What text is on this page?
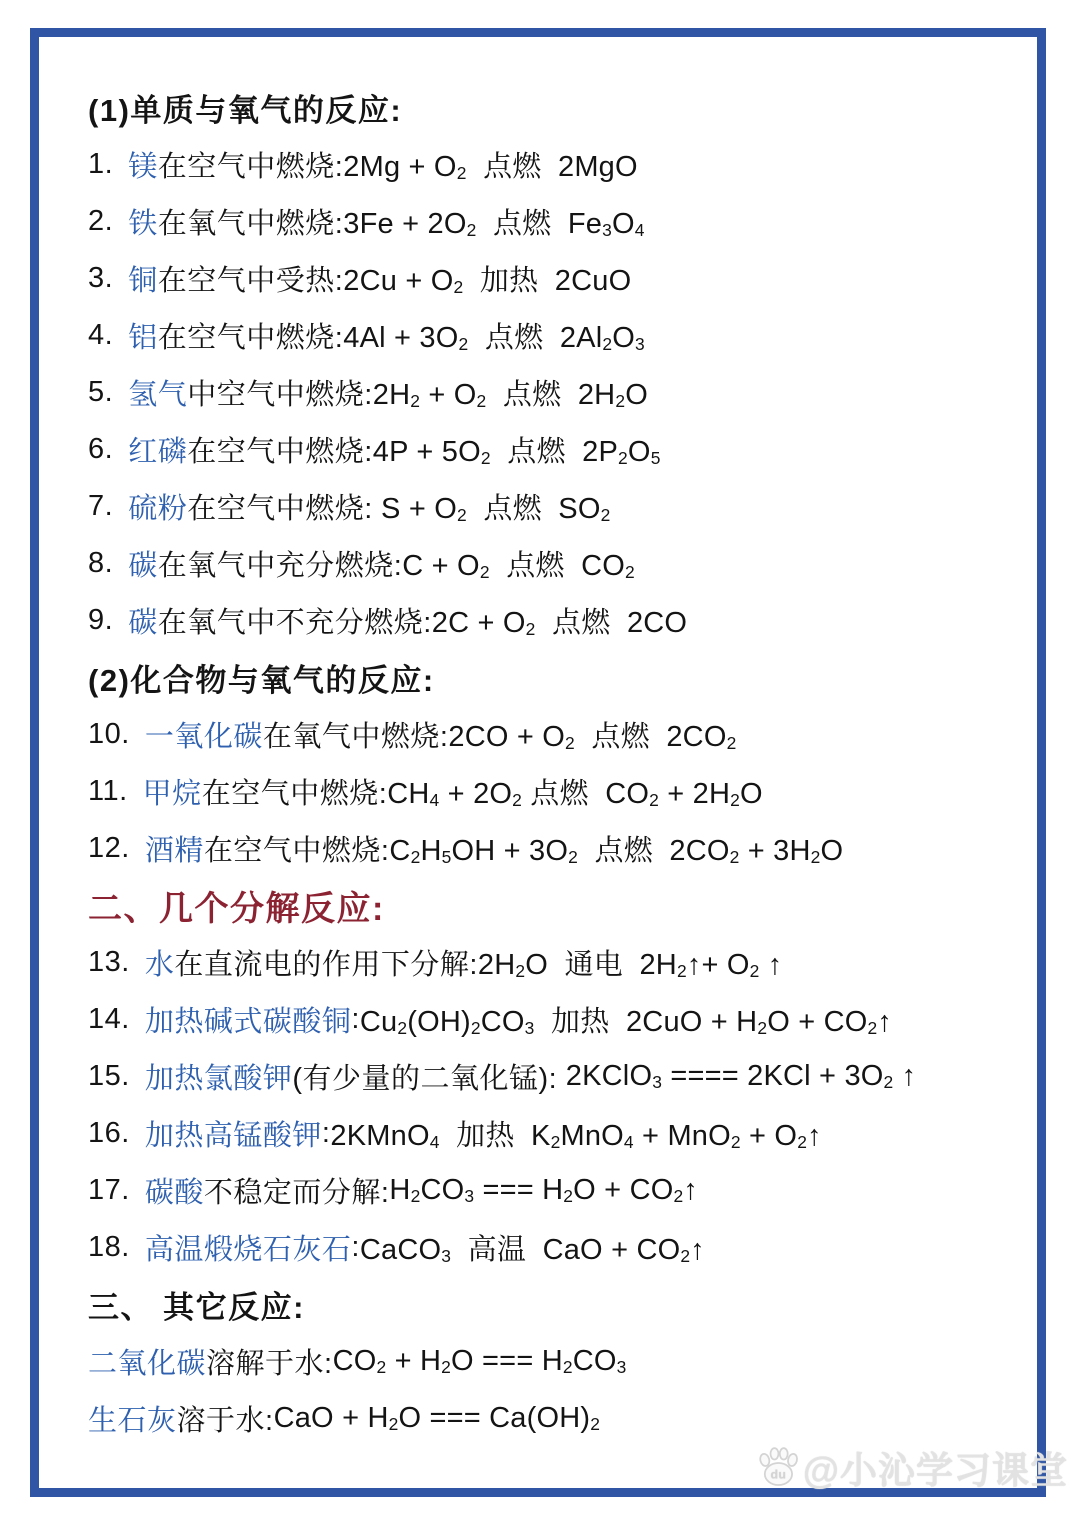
(1)单质与氧气的反应:
1. 镁 在空气中燃烧: $2Mg + O_2$  点燃  2MgO
2. 铁 在氧气中燃烧: $3Fe + 2O_2$  点燃  $Fe_3O_4$
3. 铜 在空气中受热: $2Cu + O_2$  加热  2CuO
4. 铝 在空气中燃烧: $4Al + 3O_2$  点燃  $2Al_2O_3$
5. 氢气 中空气中燃烧: $2H_2 + O_2$  点燃  $2H_2O$
6. 红磷 在空气中燃烧: $4P + 5O_2$  点燃  $2P_2O_5$
7. 硫粉 在空气中燃烧: $S + O_2$  点燃  $SO_2$
8. 碳 在氧气中充分燃烧: $C + O_2$  点燃  $CO_2$
9. 碳 在氧气中不充分燃烧: $2C + O_2$  点燃  2CO
(2)化合物与氧气的反应:
10. 一氧化碳 在氧气中燃烧: $2CO + O_2$  点燃  $2CO_2$
11. 甲烷 在空气中燃烧: $CH_4 + 2O_2$ 点燃  $CO_2 + 2H_2O$
12. 酒精 在空气中燃烧: $C_2H_5OH + 3O_2$  点燃  $2CO_2 + 3H_2O$
二、几个分解反应:
13. 水 在直流电的作用下分解: $2H_2O$  通电  $2H_2↑+ O_2$ ↑
14. 加热碱式碳酸铜 : $Cu_2(OH)_2CO_3$  加热  $2CuO + H_2O$ + $CO_2↑$
15. 加热氯酸钾 (有少量的二氧化锰): 2KClO$_3$ ==== $2KCl + 3O_2$ ↑
16. 加热高锰酸钾 : 2KMnO$_4$  加热  $K_2MnO_4 + MnO_2$ + $O_2↑$
17. 碳酸 不稳定而分解: $H_2CO_3$ === $H_2O$ + $CO_2↑$
18. 高温煅烧石灰石 : CaCO$_3$  高温  CaO + $CO_2↑$
三、 其它反应:
二氧化碳 溶解于水: $CO_2 + H_2O$ === $H_2CO_3$
生石灰 溶于水: CaO + $H_2O$ === $Ca(OH)_2$
du @小沁学习课堂
